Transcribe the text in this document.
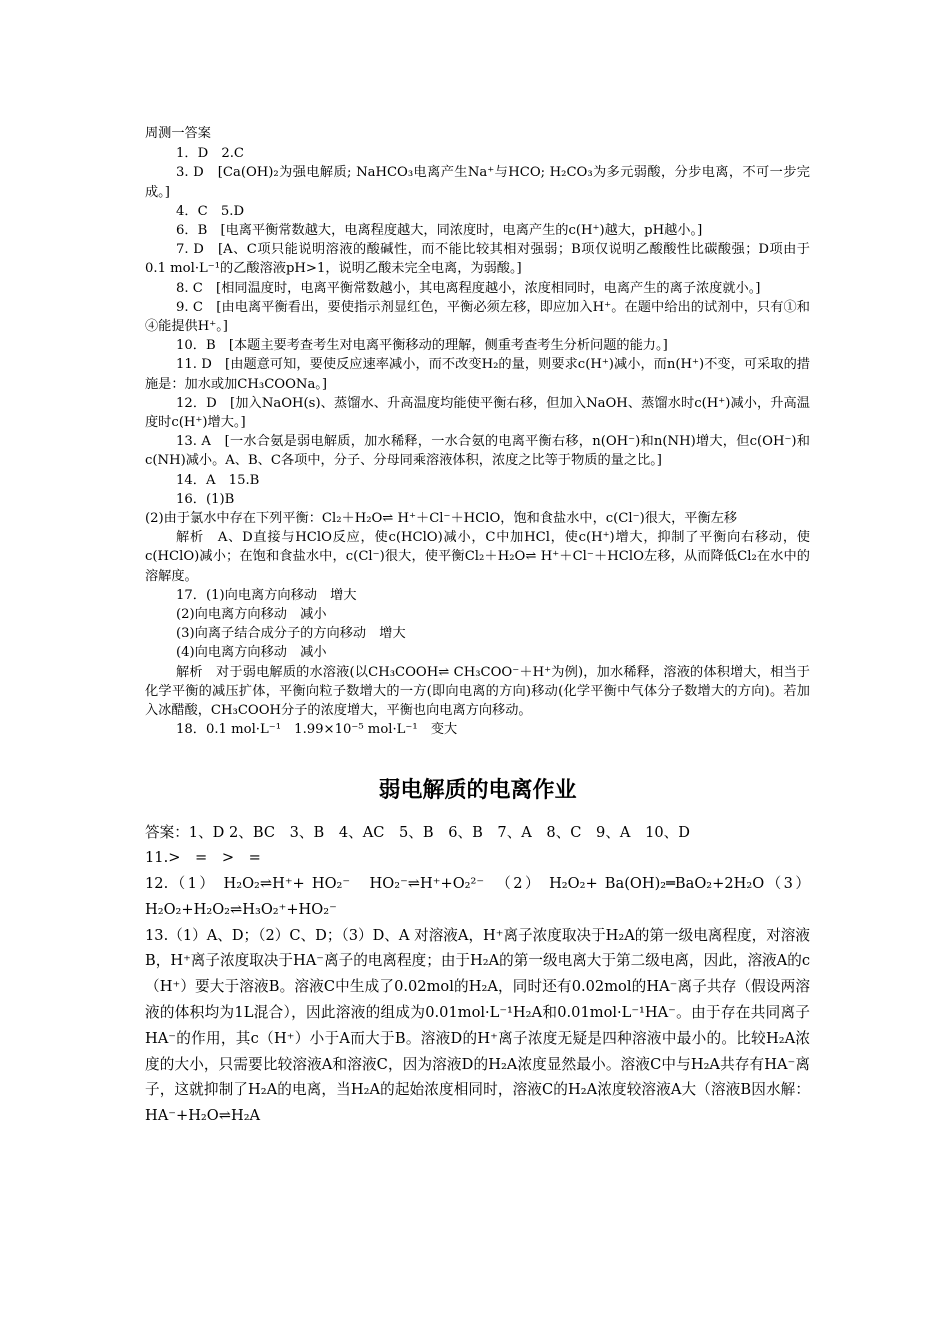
周测一答案

1．D　2.C

3. D　[Ca(OH)₂为强电解质; NaHCO₃电离产生Na⁺与HCO; H₂CO₃为多元弱酸，分步电离，不可一步完成。]

4．C　5.D

6．B　[电离平衡常数越大，电离程度越大，同浓度时，电离产生的c(H⁺)越大，pH越小。]

7. D　[A、C项只能说明溶液的酸碱性，而不能比较其相对强弱；B项仅说明乙酸酸性比碳酸强；D项由于0.1 mol·L⁻¹的乙酸溶液pH>1，说明乙酸未完全电离，为弱酸。]

8. C　[相同温度时，电离平衡常数越小，其电离程度越小，浓度相同时，电离产生的离子浓度就小。]

9. C　[由电离平衡看出，要使指示剂显红色，平衡必须左移，即应加入H⁺。在题中给出的试剂中，只有①和④能提供H⁺。]

10．B　[本题主要考查考生对电离平衡移动的理解，侧重考查考生分析问题的能力。]

11. D　[由题意可知，要使反应速率减小，而不改变H₂的量，则要求c(H⁺)减小，而n(H⁺)不变，可采取的措施是：加水或加CH₃COONa。]

12．D　[加入NaOH(s)、蒸馏水、升高温度均能使平衡右移，但加入NaOH、蒸馏水时c(H⁺)减小，升高温度时c(H⁺)增大。]

13. A　[一水合氨是弱电解质，加水稀释，一水合氨的电离平衡右移，n(OH⁻)和n(NH)增大，但c(OH⁻)和c(NH)减小。A、B、C各项中，分子、分母同乘溶液体积，浓度之比等于物质的量之比。]

14．A　15.B

16．(1)B

(2)由于氯水中存在下列平衡：Cl₂＋H₂O⇌ H⁺＋Cl⁻＋HClO，饱和食盐水中，c(Cl⁻)很大，平衡左移

解析　A、D直接与HClO反应，使c(HClO)减小，C中加HCl，使c(H⁺)增大，抑制了平衡向右移动，使c(HClO)减小；在饱和食盐水中，c(Cl⁻)很大，使平衡Cl₂＋H₂O⇌ H⁺＋Cl⁻＋HClO左移，从而降低Cl₂在水中的溶解度。

17．(1)向电离方向移动　增大

(2)向电离方向移动　减小

(3)向离子结合成分子的方向移动　增大

(4)向电离方向移动　减小

解析　对于弱电解质的水溶液(以CH₃COOH⇌ CH₃COO⁻＋H⁺为例)，加水稀释，溶液的体积增大，相当于化学平衡的减压扩体，平衡向粒子数增大的一方(即向电离的方向)移动(化学平衡中气体分子数增大的方向)。若加入冰醋酸，CH₃COOH分子的浓度增大，平衡也向电离方向移动。

18．0.1 mol·L⁻¹　1.99×10⁻⁵ mol·L⁻¹　变大

弱电解质的电离作业

答案：1、D 2、BC　3、B　4、AC　5、B　6、B　7、A　8、C　9、A　10、D

11.>　=　>　=

12.（1） H₂O₂⇌H⁺+ HO₂⁻　HO₂⁻⇌H⁺+O₂²⁻　（2） H₂O₂+ Ba(OH)₂═BaO₂+2H₂O（3）H₂O₂+H₂O₂⇌H₃O₂⁺+HO₂⁻

13.（1）A、D；（2）C、D；（3）D、A 对溶液A，H⁺离子浓度取决于H₂A的第一级电离程度，对溶液B，H⁺离子浓度取决于HA⁻离子的电离程度；由于H₂A的第一级电离大于第二级电离，因此，溶液A的c（H⁺）要大于溶液B。溶液C中生成了0.02mol的H₂A，同时还有0.02mol的HA⁻离子共存（假设两溶液的体积均为1L混合），因此溶液的组成为0.01mol·L⁻¹H₂A和0.01mol·L⁻¹HA⁻。由于存在共同离子HA⁻的作用，其c（H⁺）小于A而大于B。溶液D的H⁺离子浓度无疑是四种溶液中最小的。比较H₂A浓度的大小，只需要比较溶液A和溶液C，因为溶液D的H₂A浓度显然最小。溶液C中与H₂A共存有HA⁻离子，这就抑制了H₂A的电离，当H₂A的起始浓度相同时，溶液C的H₂A浓度较溶液A大（溶液B因水解：HA⁻+H₂O⇌H₂A
